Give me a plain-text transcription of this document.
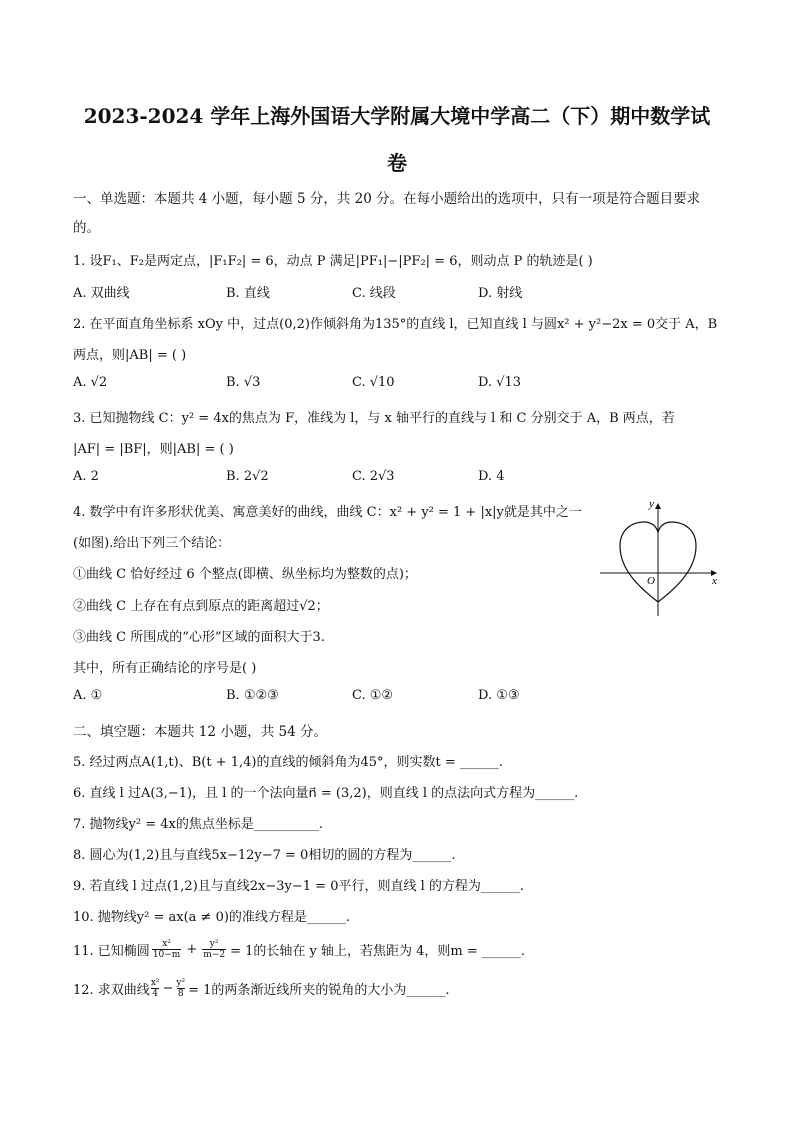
2023-2024 学年上海外国语大学附属大境中学高二（下）期中数学试
卷
一、单选题：本题共 4 小题，每小题 5 分，共 20 分。在每小题给出的选项中，只有一项是符合题目要求
的。
1. 设F₁、F₂是两定点，|F₁F₂| = 6，动点 P 满足|PF₁|−|PF₂| = 6，则动点 P 的轨迹是( )
A. 双曲线	B. 直线	C. 线段	D. 射线
2. 在平面直角坐标系 xOy 中，过点(0,2)作倾斜角为135°的直线 l，已知直线 l 与圆x² + y²−2x = 0交于 A，B
两点，则|AB| = ( )
A. √2	B. √3	C. √10	D. √13
3. 已知抛物线 C：y² = 4x的焦点为 F，准线为 l，与 x 轴平行的直线与 l 和 C 分别交于 A，B 两点，若
|AF| = |BF|，则|AB| = ( )
A. 2	B. 2√2	C. 2√3	D. 4
4. 数学中有许多形状优美、寓意美好的曲线，曲线 C：x² + y² = 1 + |x|y就是其中之一
(如图).给出下列三个结论：
①曲线 C 恰好经过 6 个整点(即横、纵坐标均为整数的点)；
②曲线 C 上存在有点到原点的距离超过√2；
③曲线 C 所围成的“心形”区域的面积大于3.
其中，所有正确结论的序号是( )
A. ①	B. ①②③	C. ①②	D. ①③
y
x
O
二、填空题：本题共 12 小题，共 54 分。
5. 经过两点A(1,t)、B(t + 1,4)的直线的倾斜角为45°，则实数t = ______.
6. 直线 l 过A(3,−1)，且 l 的一个法向量n⃗ = (3,2)，则直线 l 的点法向式方程为______.
7. 抛物线y² = 4x的焦点坐标是__________.
8. 圆心为(1,2)且与直线5x−12y−7 = 0相切的圆的方程为______.
9. 若直线 l 过点(1,2)且与直线2x−3y−1 = 0平行，则直线 l 的方程为______.
10. 抛物线y² = ax(a ≠ 0)的准线方程是______.
11. 已知椭圆 $\frac{\text{x²}}{10-m} + \frac{\text{y²}}{m-2} = 1$的长轴在 y 轴上，若焦距为 4，则m = ______.
12. 求双曲线 $\frac{\text{x²}}{4} - \frac{\text{y²}}{8} = 1$的两条渐近线所夹的锐角的大小为______.
